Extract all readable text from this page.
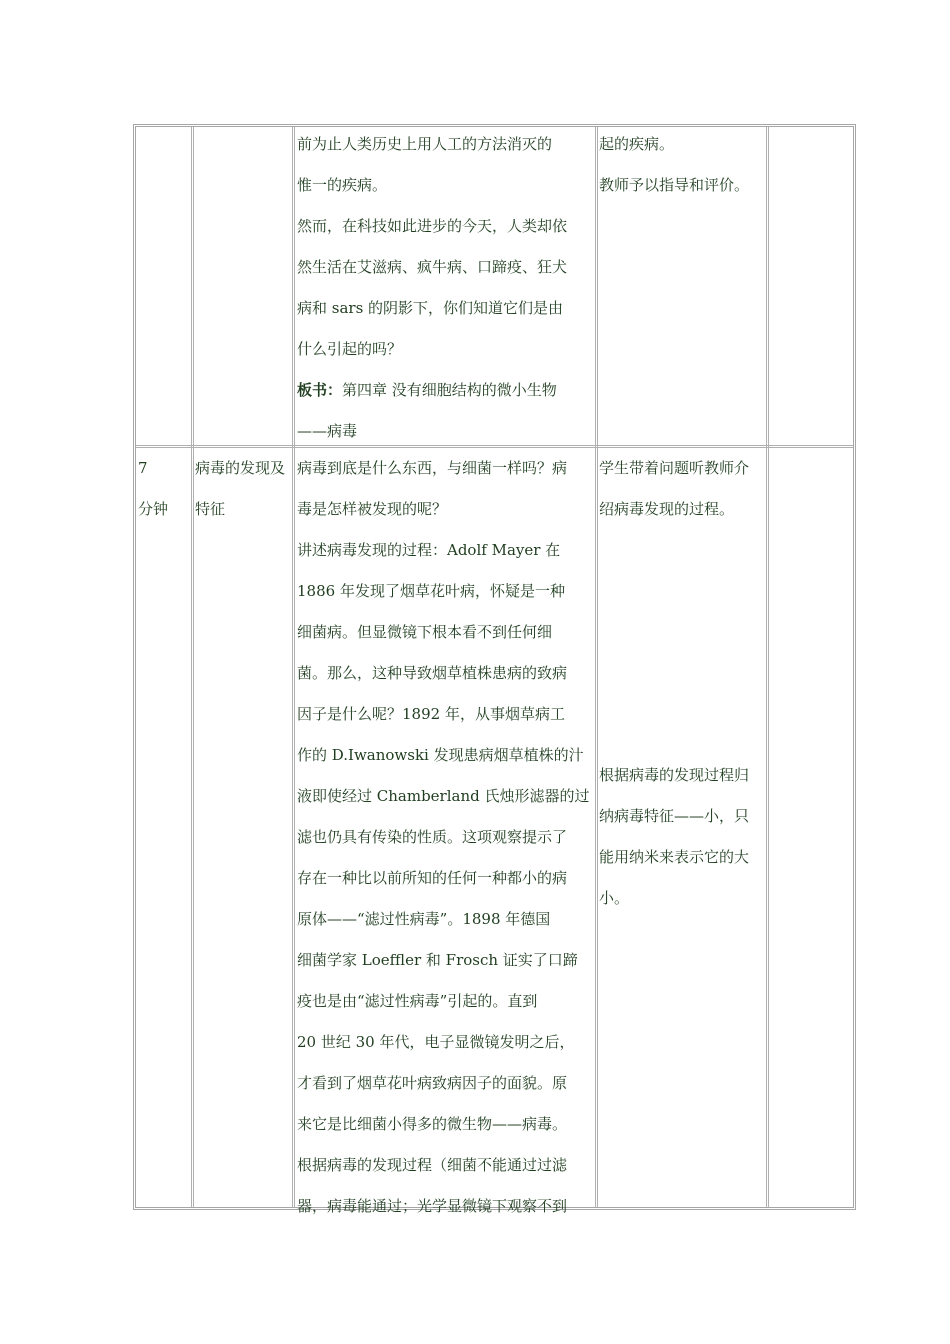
前为止人类历史上用人工的方法消灭的

惟一的疾病。

然而，在科技如此进步的今天，人类却依

然生活在艾滋病、疯牛病、口蹄疫、狂犬

病和 sars 的阴影下，你们知道它们是由

什么引起的吗？

板书：第四章 没有细胞结构的微小生物

——病毒

起的疾病。

教师予以指导和评价。

7

分钟

病毒的发现及

特征

病毒到底是什么东西，与细菌一样吗？病

毒是怎样被发现的呢？

讲述病毒发现的过程：Adolf Mayer 在

1886 年发现了烟草花叶病，怀疑是一种

细菌病。但显微镜下根本看不到任何细

菌。那么，这种导致烟草植株患病的致病

因子是什么呢？1892 年，从事烟草病工

作的 D.Iwanowski 发现患病烟草植株的汁

液即使经过 Chamberland 氏烛形滤器的过

滤也仍具有传染的性质。这项观察提示了

存在一种比以前所知的任何一种都小的病

原体——“滤过性病毒”。1898 年德国

细菌学家 Loeffler 和 Frosch 证实了口蹄

疫也是由“滤过性病毒”引起的。直到

20 世纪 30 年代，电子显微镜发明之后，

才看到了烟草花叶病致病因子的面貌。原

来它是比细菌小得多的微生物——病毒。

根据病毒的发现过程（细菌不能通过过滤

器，病毒能通过；光学显微镜下观察不到

学生带着问题听教师介

绍病毒发现的过程。

根据病毒的发现过程归

纳病毒特征——小，只

能用纳米来表示它的大

小。
